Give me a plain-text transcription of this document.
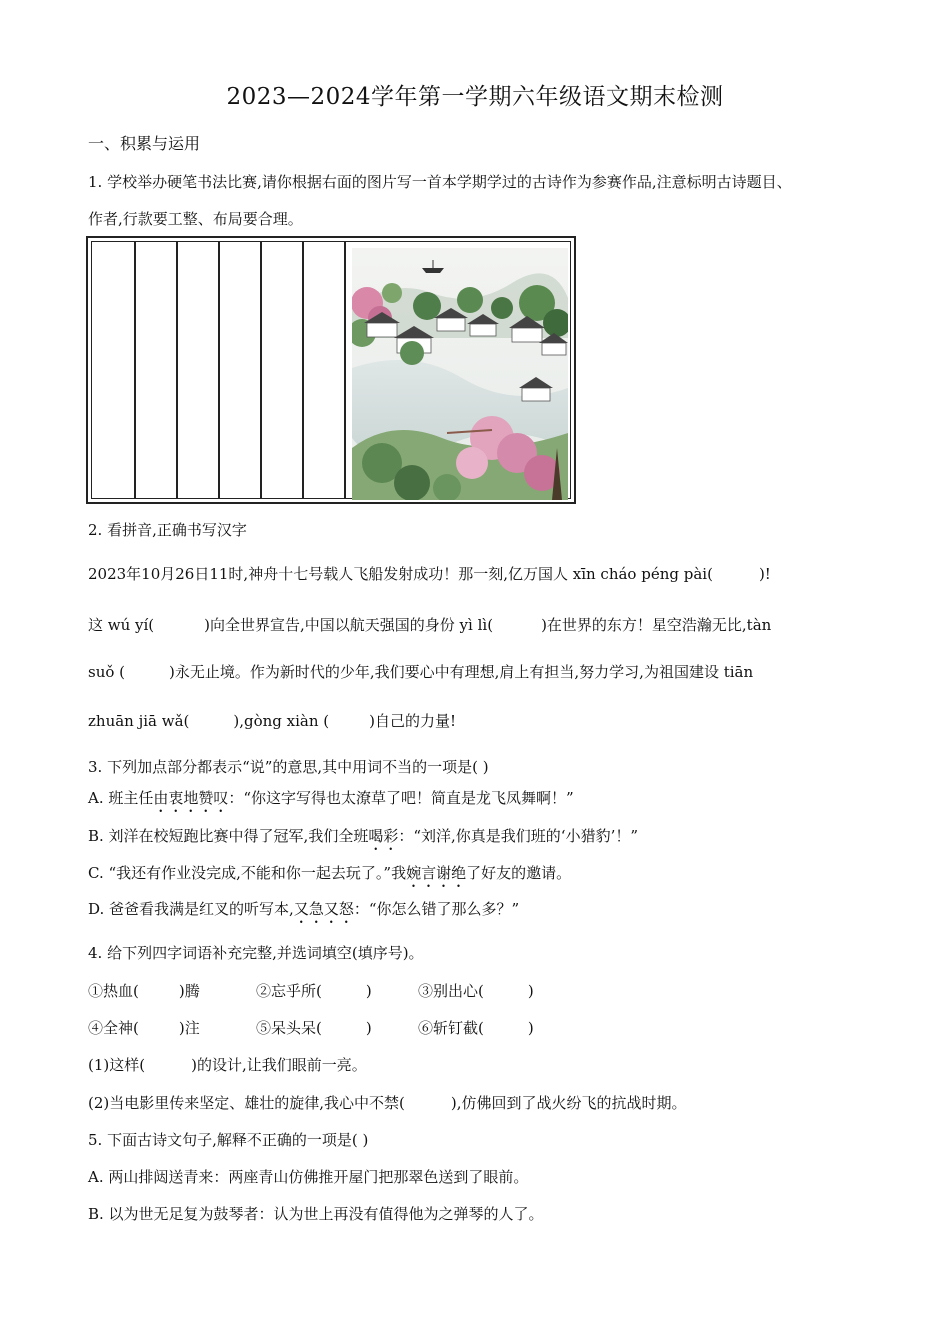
2023—2024学年第一学期六年级语文期末检测
一、积累与运用
1. 学校举办硬笔书法比赛,请你根据右面的图片写一首本学期学过的古诗作为参赛作品,注意标明古诗题目、
作者,行款要工整、布局要合理。
2. 看拼音,正确书写汉字
2023年10月26日11时,神舟十七号载人飞船发射成功！那一刻,亿万国人 xīn cháo péng pài(	)!
这 wú yí(	)向全世界宣告,中国以航天强国的身份 yì lì(	)在世界的东方！星空浩瀚无比,tàn
suǒ (	)永无止境。作为新时代的少年,我们要心中有理想,肩上有担当,努力学习,为祖国建设 tiān
zhuān jiā wǎ(	),gòng xiàn (	)自己的力量!
3. 下列加点部分都表示“说”的意思,其中用词不当的一项是( )
A. 班主任由衷地赞叹：“你这字写得也太潦草了吧！简直是龙飞凤舞啊！”
B. 刘洋在校短跑比赛中得了冠军,我们全班喝彩：“刘洋,你真是我们班的‘小猎豹’！”
C. “我还有作业没完成,不能和你一起去玩了。”我婉言谢绝了好友的邀请。
D. 爸爸看我满是红叉的听写本,又急又怒：“你怎么错了那么多？”
4. 给下列四字词语补充完整,并选词填空(填序号)。
①热血(	)腾	②忘乎所(	)	③别出心(	)
④全神(	)注	⑤呆头呆(	)	⑥斩钉截(	)
(1)这样(	)的设计,让我们眼前一亮。
(2)当电影里传来坚定、雄壮的旋律,我心中不禁(	),仿佛回到了战火纷飞的抗战时期。
5. 下面古诗文句子,解释不正确的一项是( )
A. 两山排闼送青来：两座青山仿佛推开屋门把那翠色送到了眼前。
B. 以为世无足复为鼓琴者：认为世上再没有值得他为之弹琴的人了。
